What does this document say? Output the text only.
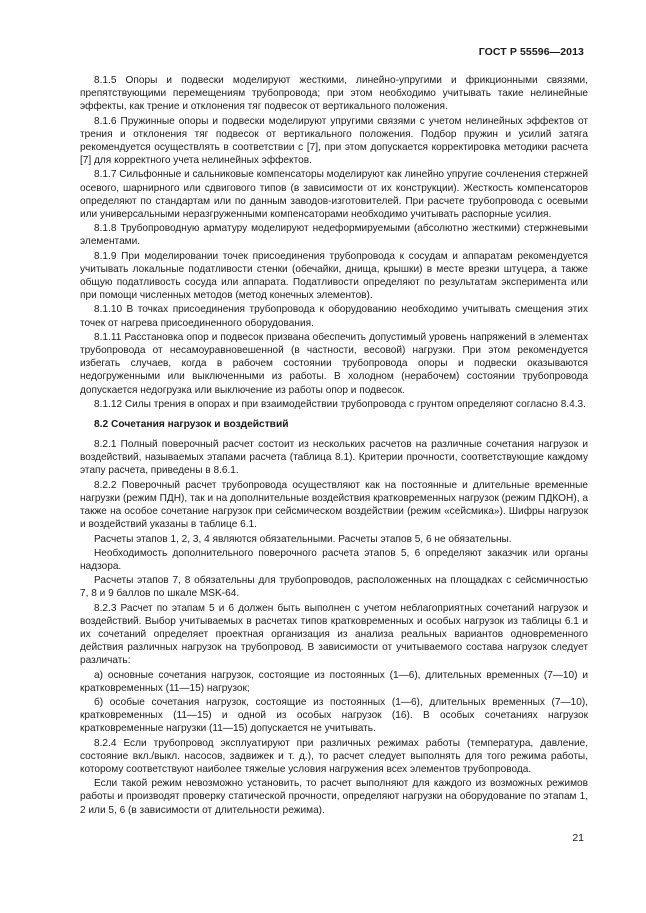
ГОСТ Р 55596—2013

8.1.5 Опоры и подвески моделируют жесткими, линейно-упругими и фрикционными связями, препятствующими перемещениям трубопровода; при этом необходимо учитывать такие нелинейные эффекты, как трение и отклонения тяг подвесок от вертикального положения.

8.1.6 Пружинные опоры и подвески моделируют упругими связями с учетом нелинейных эффектов от трения и отклонения тяг подвесок от вертикального положения. Подбор пружин и усилий затяга рекомендуется осуществлять в соответствии с [7], при этом допускается корректировка методики расчета [7] для корректного учета нелинейных эффектов.

8.1.7 Сильфонные и сальниковые компенсаторы моделируют как линейно упругие сочленения стержней осевого, шарнирного или сдвигового типов (в зависимости от их конструкции). Жесткость компенсаторов определяют по стандартам или по данным заводов-изготовителей. При расчете трубопровода с осевыми или универсальными неразгруженными компенсаторами необходимо учитывать распорные усилия.

8.1.8 Трубопроводную арматуру моделируют недеформируемыми (абсолютно жесткими) стержневыми элементами.

8.1.9 При моделировании точек присоединения трубопровода к сосудам и аппаратам рекомендуется учитывать локальные податливости стенки (обечайки, днища, крышки) в месте врезки штуцера, а также общую податливость сосуда или аппарата. Податливости определяют по результатам эксперимента или при помощи численных методов (метод конечных элементов).

8.1.10 В точках присоединения трубопровода к оборудованию необходимо учитывать смещения этих точек от нагрева присоединенного оборудования.

8.1.11 Расстановка опор и подвесок призвана обеспечить допустимый уровень напряжений в элементах трубопровода от несамоуравновешенной (в частности, весовой) нагрузки. При этом рекомендуется избегать случаев, когда в рабочем состоянии трубопровода опоры и подвески оказываются недогруженными или выключенными из работы. В холодном (нерабочем) состоянии трубопровода допускается недогрузка или выключение из работы опор и подвесок.

8.1.12 Силы трения в опорах и при взаимодействии трубопровода с грунтом определяют согласно 8.4.3.

8.2 Сочетания нагрузок и воздействий

8.2.1 Полный поверочный расчет состоит из нескольких расчетов на различные сочетания нагрузок и воздействий, называемых этапами расчета (таблица 8.1). Критерии прочности, соответствующие каждому этапу расчета, приведены в 8.6.1.

8.2.2 Поверочный расчет трубопровода осуществляют как на постоянные и длительные временные нагрузки (режим ПДН), так и на дополнительные воздействия кратковременных нагрузок (режим ПДКОН), а также на особое сочетание нагрузок при сейсмическом воздействии (режим «сейсмика»). Шифры нагрузок и воздействий указаны в таблице 6.1.

Расчеты этапов 1, 2, 3, 4 являются обязательными. Расчеты этапов 5, 6 не обязательны.

Необходимость дополнительного поверочного расчета этапов 5, 6 определяют заказчик или органы надзора.

Расчеты этапов 7, 8 обязательны для трубопроводов, расположенных на площадках с сейсмичностью 7, 8 и 9 баллов по шкале MSK-64.

8.2.3 Расчет по этапам 5 и 6 должен быть выполнен с учетом неблагоприятных сочетаний нагрузок и воздействий. Выбор учитываемых в расчетах типов кратковременных и особых нагрузок из таблицы 6.1 и их сочетаний определяет проектная организация из анализа реальных вариантов одновременного действия различных нагрузок на трубопровод. В зависимости от учитываемого состава нагрузок следует различать:

а) основные сочетания нагрузок, состоящие из постоянных (1—6), длительных временных (7—10) и кратковременных (11—15) нагрузок;

б) особые сочетания нагрузок, состоящие из постоянных (1—6), длительных временных (7—10), кратковременных (11—15) и одной из особых нагрузок (16). В особых сочетаниях нагрузок кратковременные нагрузки (11—15) допускается не учитывать.

8.2.4 Если трубопровод эксплуатируют при различных режимах работы (температура, давление, состояние вкл./выкл. насосов, задвижек и т. д.), то расчет следует выполнять для того режима работы, которому соответствуют наиболее тяжелые условия нагружения всех элементов трубопровода.

Если такой режим невозможно установить, то расчет выполняют для каждого из возможных режимов работы и производят проверку статической прочности, определяют нагрузки на оборудование по этапам 1, 2 или 5, 6 (в зависимости от длительности режима).

21
